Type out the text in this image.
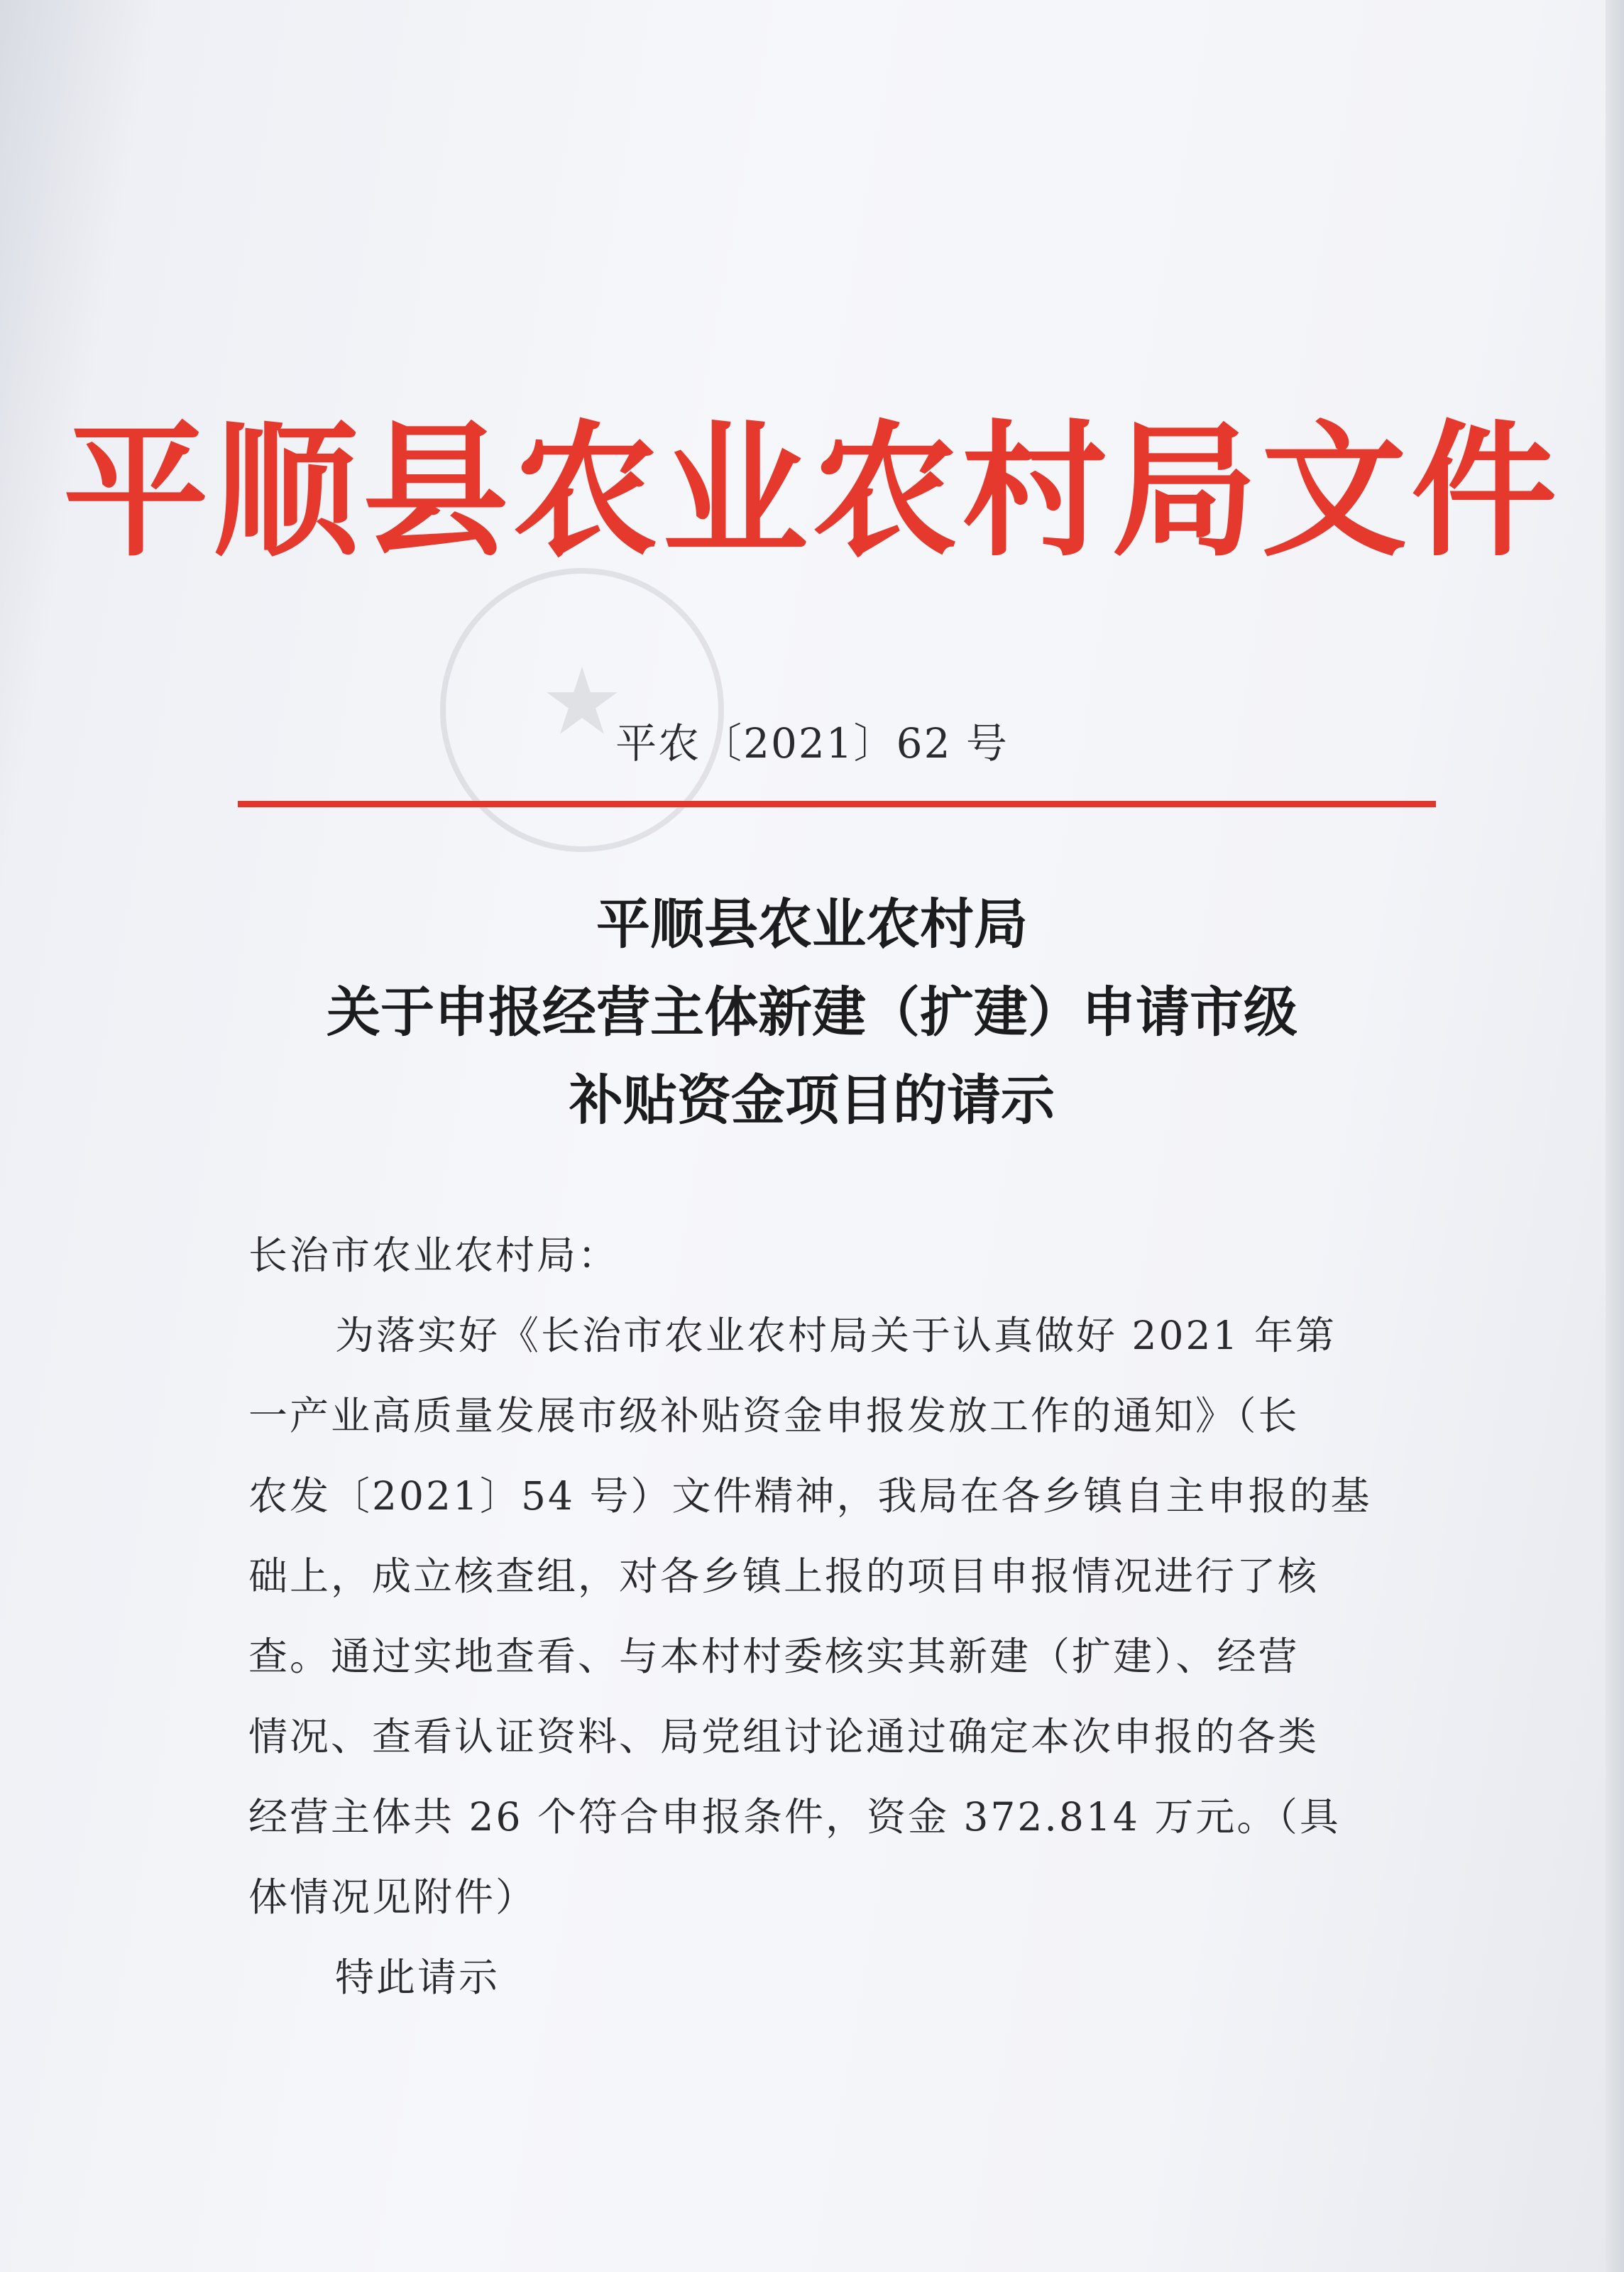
平顺县农业农村局文件
★
平农〔2021〕62 号
平顺县农业农村局
关于申报经营主体新建（扩建）申请市级
补贴资金项目的请示

长治市农业农村局：

为落实好《长治市农业农村局关于认真做好 2021 年第

一产业高质量发展市级补贴资金申报发放工作的通知》（长

农发〔2021〕54 号）文件精神，我局在各乡镇自主申报的基

础上，成立核查组，对各乡镇上报的项目申报情况进行了核

查。通过实地查看、与本村村委核实其新建（扩建）、经营

情况、查看认证资料、局党组讨论通过确定本次申报的各类

经营主体共 26 个符合申报条件，资金 372.814 万元。（具

体情况见附件）

特此请示
